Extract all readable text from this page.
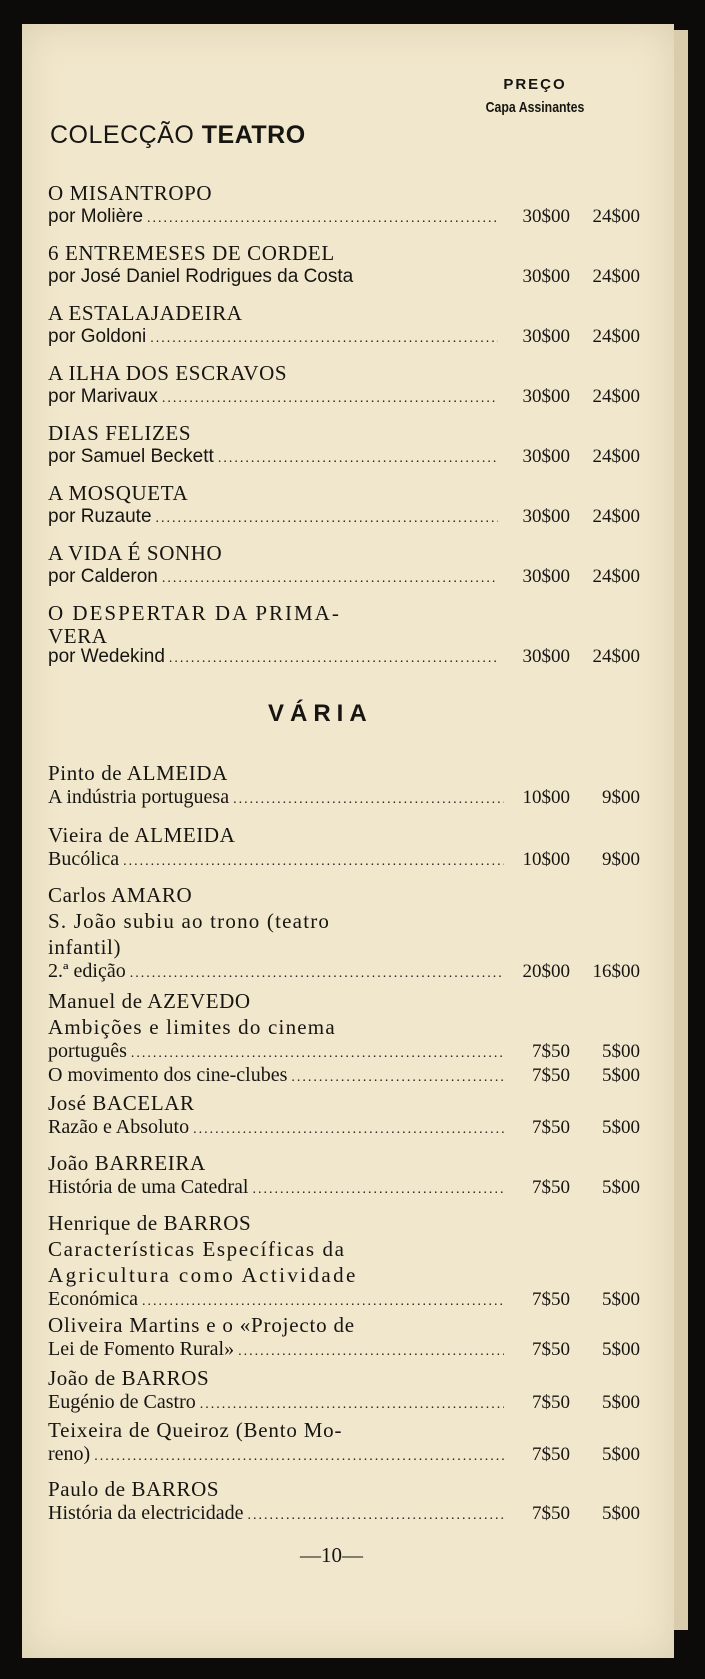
PREÇO
Capa Assinantes
COLECÇÃO TEATRO
O MISANTROPO
por Molière .....	30$00	24$00
6 ENTREMESES DE CORDEL
por José Daniel Rodrigues da Costa	30$00	24$00
A ESTALAJADEIRA
por Goldoni .....	30$00	24$00
A ILHA DOS ESCRAVOS
por Marivaux .....	30$00	24$00
DIAS FELIZES
por Samuel Beckett .....	30$00	24$00
A MOSQUETA
por Ruzaute .....	30$00	24$00
A VIDA É SONHO
por Calderon .....	30$00	24$00
O DESPERTAR DA PRIMA-
VERA
por Wedekind .....	30$00	24$00
VÁRIA
Pinto de ALMEIDA
A indústria portuguesa .....	10$00	9$00
Vieira de ALMEIDA
Bucólica .....	10$00	9$00
Carlos AMARO
S. João subiu ao trono (teatro
infantil)
2.ª edição .....	20$00	16$00
Manuel de AZEVEDO
Ambições e limites do cinema
português .....	7$50	5$00
O movimento dos cine-clubes .....	7$50	5$00
José BACELAR
Razão e Absoluto .....	7$50	5$00
João BARREIRA
História de uma Catedral .....	7$50	5$00
Henrique de BARROS
Características Específicas da
Agricultura como Actividade
Económica .....	7$50	5$00
Oliveira Martins e o «Projecto de
Lei de Fomento Rural» .....	7$50	5$00
João de BARROS
Eugénio de Castro .....	7$50	5$00
Teixeira de Queiroz (Bento Mo-
reno) .....	7$50	5$00
Paulo de BARROS
História da electricidade .....	7$50	5$00
—10—
